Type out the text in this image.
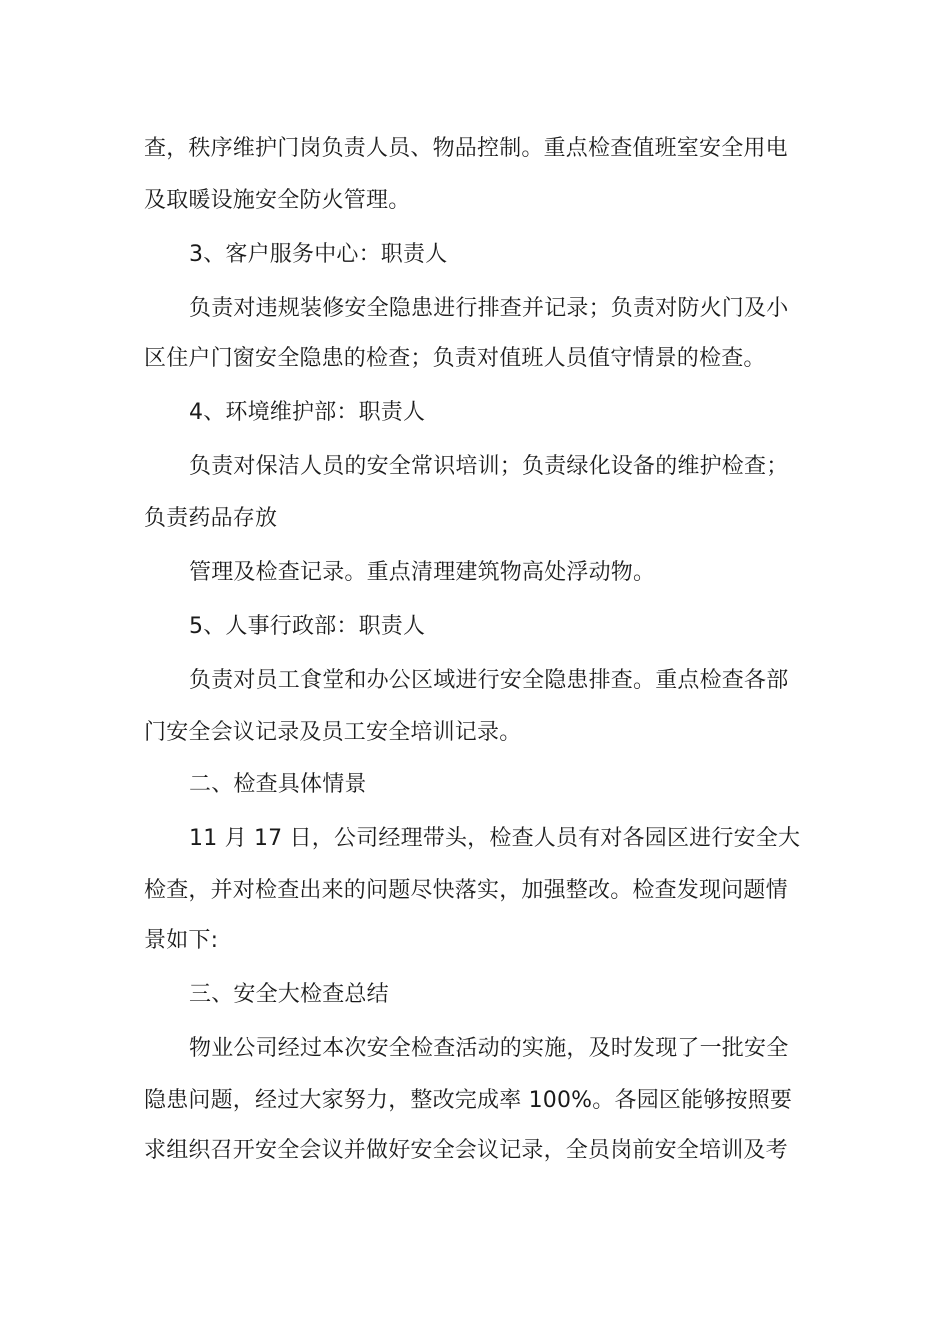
查，秩序维护门岗负责人员、物品控制。重点检查值班室安全用电
及取暖设施安全防火管理。
3、客户服务中心：职责人
负责对违规装修安全隐患进行排查并记录；负责对防火门及小
区住户门窗安全隐患的检查；负责对值班人员值守情景的检查。
4、环境维护部：职责人
负责对保洁人员的安全常识培训；负责绿化设备的维护检查；
负责药品存放
管理及检查记录。重点清理建筑物高处浮动物。
5、人事行政部：职责人
负责对员工食堂和办公区域进行安全隐患排查。重点检查各部
门安全会议记录及员工安全培训记录。
二、检查具体情景
11 月 17 日，公司经理带头，检查人员有对各园区进行安全大
检查，并对检查出来的问题尽快落实，加强整改。检查发现问题情
景如下:
三、安全大检查总结
物业公司经过本次安全检查活动的实施，及时发现了一批安全
隐患问题，经过大家努力，整改完成率 100%。各园区能够按照要
求组织召开安全会议并做好安全会议记录，全员岗前安全培训及考
